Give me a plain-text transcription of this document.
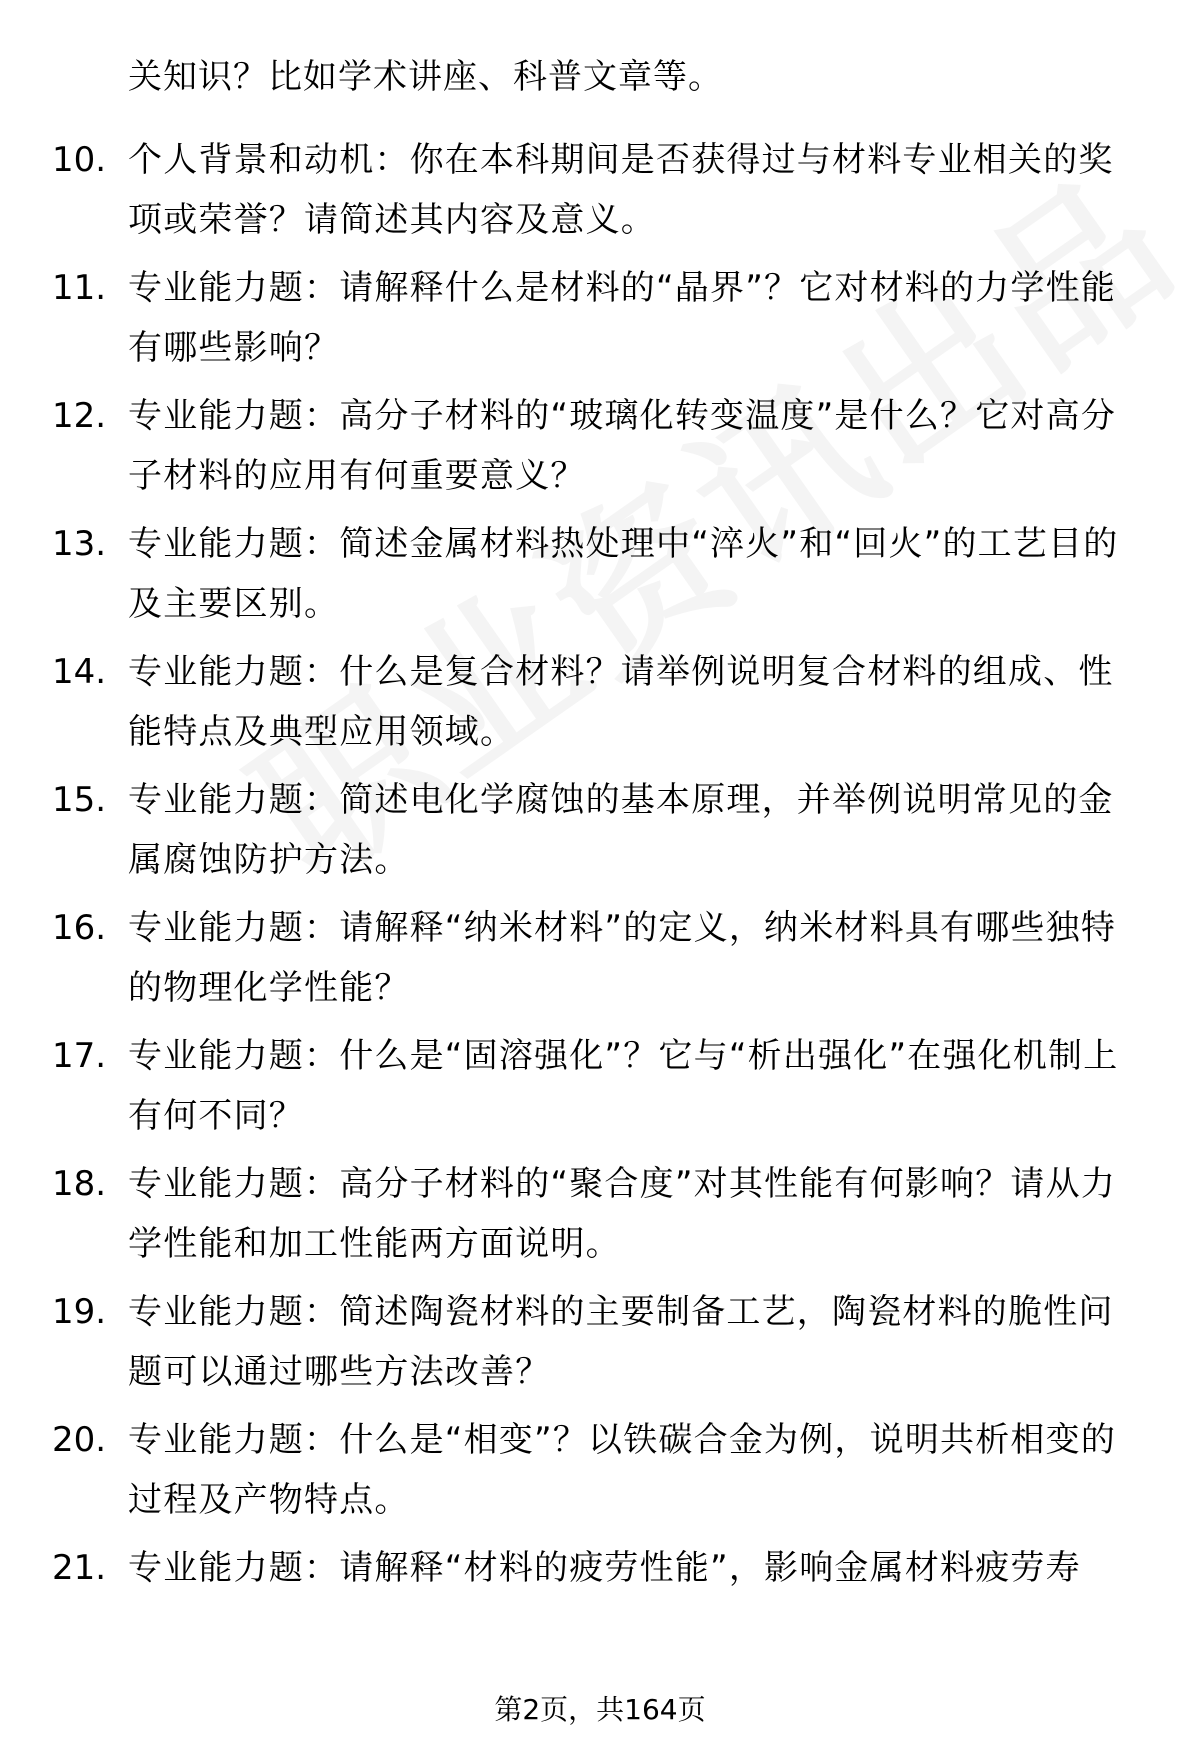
关知识？比如学术讲座、科普文章等。
10. 个人背景和动机：你在本科期间是否获得过与材料专业相关的奖项或荣誉？请简述其内容及意义。
11. 专业能力题：请解释什么是材料的“晶界”？它对材料的力学性能有哪些影响？
12. 专业能力题：高分子材料的“玻璃化转变温度”是什么？它对高分子材料的应用有何重要意义？
13. 专业能力题：简述金属材料热处理中“淬火”和“回火”的工艺目的及主要区别。
14. 专业能力题：什么是复合材料？请举例说明复合材料的组成、性能特点及典型应用领域。
15. 专业能力题：简述电化学腐蚀的基本原理，并举例说明常见的金属腐蚀防护方法。
16. 专业能力题：请解释“纳米材料”的定义，纳米材料具有哪些独特的物理化学性能？
17. 专业能力题：什么是“固溶强化”？它与“析出强化”在强化机制上有何不同？
18. 专业能力题：高分子材料的“聚合度”对其性能有何影响？请从力学性能和加工性能两方面说明。
19. 专业能力题：简述陶瓷材料的主要制备工艺，陶瓷材料的脆性问题可以通过哪些方法改善？
20. 专业能力题：什么是“相变”？以铁碳合金为例，说明共析相变的过程及产物特点。
21. 专业能力题：请解释“材料的疲劳性能”，影响金属材料疲劳寿
第2页，共164页
